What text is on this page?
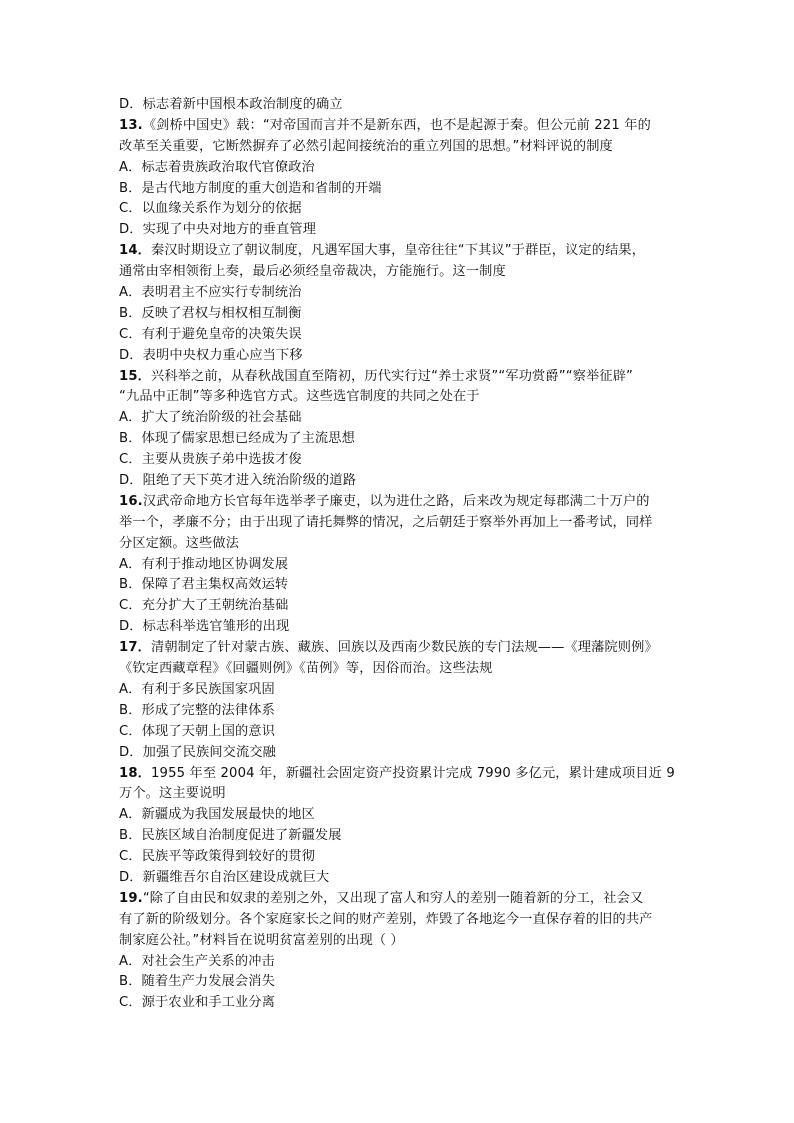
D．标志着新中国根本政治制度的确立
13.《剑桥中国史》载：“对帝国而言并不是新东西，也不是起源于秦。但公元前 221 年的
改革至关重要，它断然摒弃了必然引起间接统治的重立列国的思想。”材料评说的制度
A．标志着贵族政治取代官僚政治
B．是古代地方制度的重大创造和省制的开端
C．以血缘关系作为划分的依据
D．实现了中央对地方的垂直管理
14．秦汉时期设立了朝议制度，凡遇军国大事，皇帝往往“下其议”于群臣，议定的结果，
通常由宰相领衔上奏，最后必须经皇帝裁决，方能施行。这一制度
A．表明君主不应实行专制统治
B．反映了君权与相权相互制衡
C．有利于避免皇帝的决策失误
D．表明中央权力重心应当下移
15．兴科举之前，从春秋战国直至隋初，历代实行过“养士求贤”“军功赏爵”“察举征辟”
“九品中正制”等多种选官方式。这些选官制度的共同之处在于
A．扩大了统治阶级的社会基础
B．体现了儒家思想已经成为了主流思想
C．主要从贵族子弟中选拔才俊
D．阻绝了天下英才进入统治阶级的道路
16.汉武帝命地方长官每年选举孝子廉吏，以为进仕之路，后来改为规定每郡满二十万户的
举一个，孝廉不分；由于出现了请托舞弊的情况，之后朝廷于察举外再加上一番考试，同样
分区定额。这些做法
A．有利于推动地区协调发展
B．保障了君主集权高效运转
C．充分扩大了王朝统治基础
D．标志科举选官雏形的出现
17．清朝制定了针对蒙古族、藏族、回族以及西南少数民族的专门法规——《理藩院则例》
《钦定西藏章程》《回疆则例》《苗例》等，因俗而治。这些法规
A．有利于多民族国家巩固
B．形成了完整的法律体系
C．体现了天朝上国的意识
D．加强了民族间交流交融
18．1955 年至 2004 年，新疆社会固定资产投资累计完成 7990 多亿元，累计建成项目近 9
万个。这主要说明
A．新疆成为我国发展最快的地区
B．民族区域自治制度促进了新疆发展
C．民族平等政策得到较好的贯彻
D．新疆维吾尔自治区建设成就巨大
19.“除了自由民和奴隶的差别之外，又出现了富人和穷人的差别一随着新的分工，社会又
有了新的阶级划分。各个家庭家长之间的财产差别，炸毁了各地迄今一直保存着的旧的共产
制家庭公社。”材料旨在说明贫富差别的出现（ ）
A．对社会生产关系的冲击
B．随着生产力发展会消失
C．源于农业和手工业分离
